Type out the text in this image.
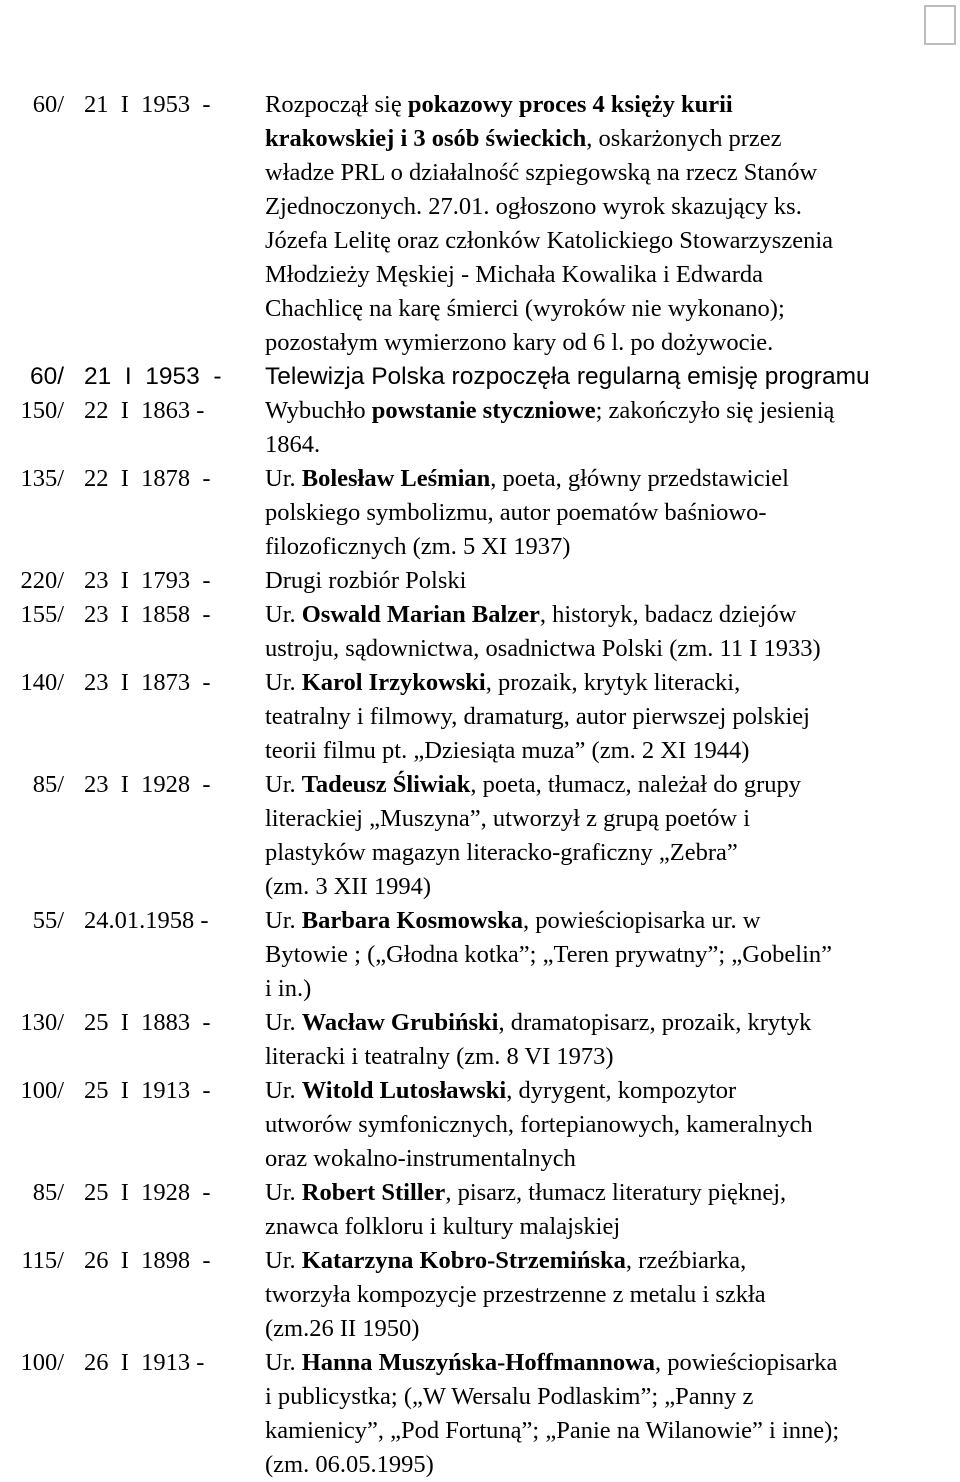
60/ 21  I  1953  -	Rozpoczął się pokazowy proces 4 księży kurii
krakowskiej i 3 osób świeckich, oskarżonych przez
władze PRL o działalność szpiegowską na rzecz Stanów
Zjednoczonych. 27.01. ogłoszono wyrok skazujący ks.
Józefa Lelitę oraz członków Katolickiego Stowarzyszenia
Młodzieży Męskiej - Michała Kowalika i Edwarda
Chachlicę na karę śmierci (wyroków nie wykonano);
pozostałym wymierzono kary od 6 l. po dożywocie.
60/ 21  I  1953  -	Telewizja Polska rozpoczęła regularną emisję programu
150/ 22  I  1863 -	Wybuchło powstanie styczniowe; zakończyło się jesienią
1864.
135/ 22  I  1878  -	Ur. Bolesław Leśmian, poeta, główny przedstawiciel
polskiego symbolizmu, autor poematów baśniowo-
filozoficznych (zm. 5 XI 1937)
220/ 23  I  1793  -	Drugi rozbiór Polski
155/ 23  I  1858  -	Ur. Oswald Marian Balzer, historyk, badacz dziejów
ustroju, sądownictwa, osadnictwa Polski (zm. 11 I 1933)
140/ 23  I  1873  -	Ur. Karol Irzykowski, prozaik, krytyk literacki,
teatralny i filmowy, dramaturg, autor pierwszej polskiej
teorii filmu pt. „Dziesiąta muza” (zm. 2 XI 1944)
85/ 23  I  1928  -	Ur. Tadeusz Śliwiak, poeta, tłumacz, należał do grupy
literackiej „Muszyna”, utworzył z grupą poetów i
plastyków magazyn literacko-graficzny „Zebra”
(zm. 3 XII 1994)
55/ 24.01.1958 -	Ur. Barbara Kosmowska, powieściopisarka ur. w
Bytowie ; („Głodna kotka”; „Teren prywatny”; „Gobelin”
i in.)
130/ 25  I  1883  -	Ur. Wacław Grubiński, dramatopisarz, prozaik, krytyk
literacki i teatralny (zm. 8 VI 1973)
100/ 25  I  1913  -	Ur. Witold Lutosławski, dyrygent, kompozytor
utworów symfonicznych, fortepianowych, kameralnych
oraz wokalno-instrumentalnych
85/ 25  I  1928  -	Ur. Robert Stiller, pisarz, tłumacz literatury pięknej,
znawca folkloru i kultury malajskiej
115/ 26  I  1898  -	Ur. Katarzyna Kobro-Strzemińska, rzeźbiarka,
tworzyła kompozycje przestrzenne z metalu i szkła
(zm.26 II 1950)
100/ 26  I  1913 -	Ur. Hanna Muszyńska-Hoffmannowa, powieściopisarka
i publicystka; („W Wersalu Podlaskim”; „Panny z
kamienicy”, „Pod Fortuną”; „Panie na Wilanowie” i inne);
(zm. 06.05.1995)
